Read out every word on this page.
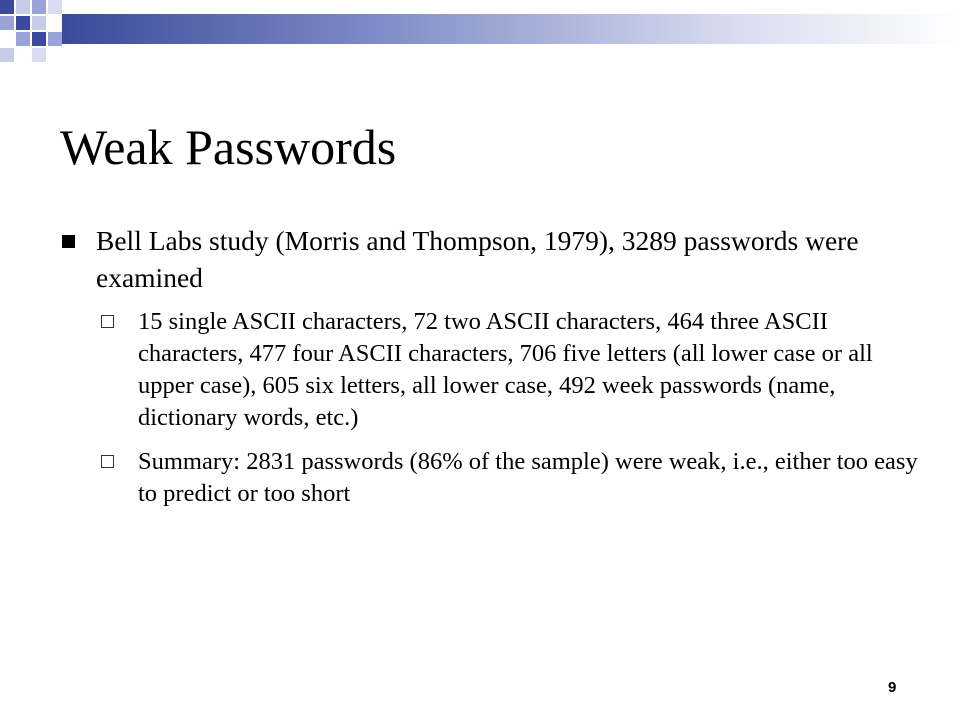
Weak Passwords
Bell Labs study (Morris and Thompson, 1979), 3289 passwords were examined
15 single ASCII characters, 72 two ASCII characters, 464 three ASCII characters, 477 four ASCII characters, 706 five letters (all lower case or all upper case), 605 six letters, all lower case, 492 week passwords (name, dictionary words, etc.)
Summary: 2831 passwords (86% of the sample) were weak, i.e., either too easy to predict or too short
9
